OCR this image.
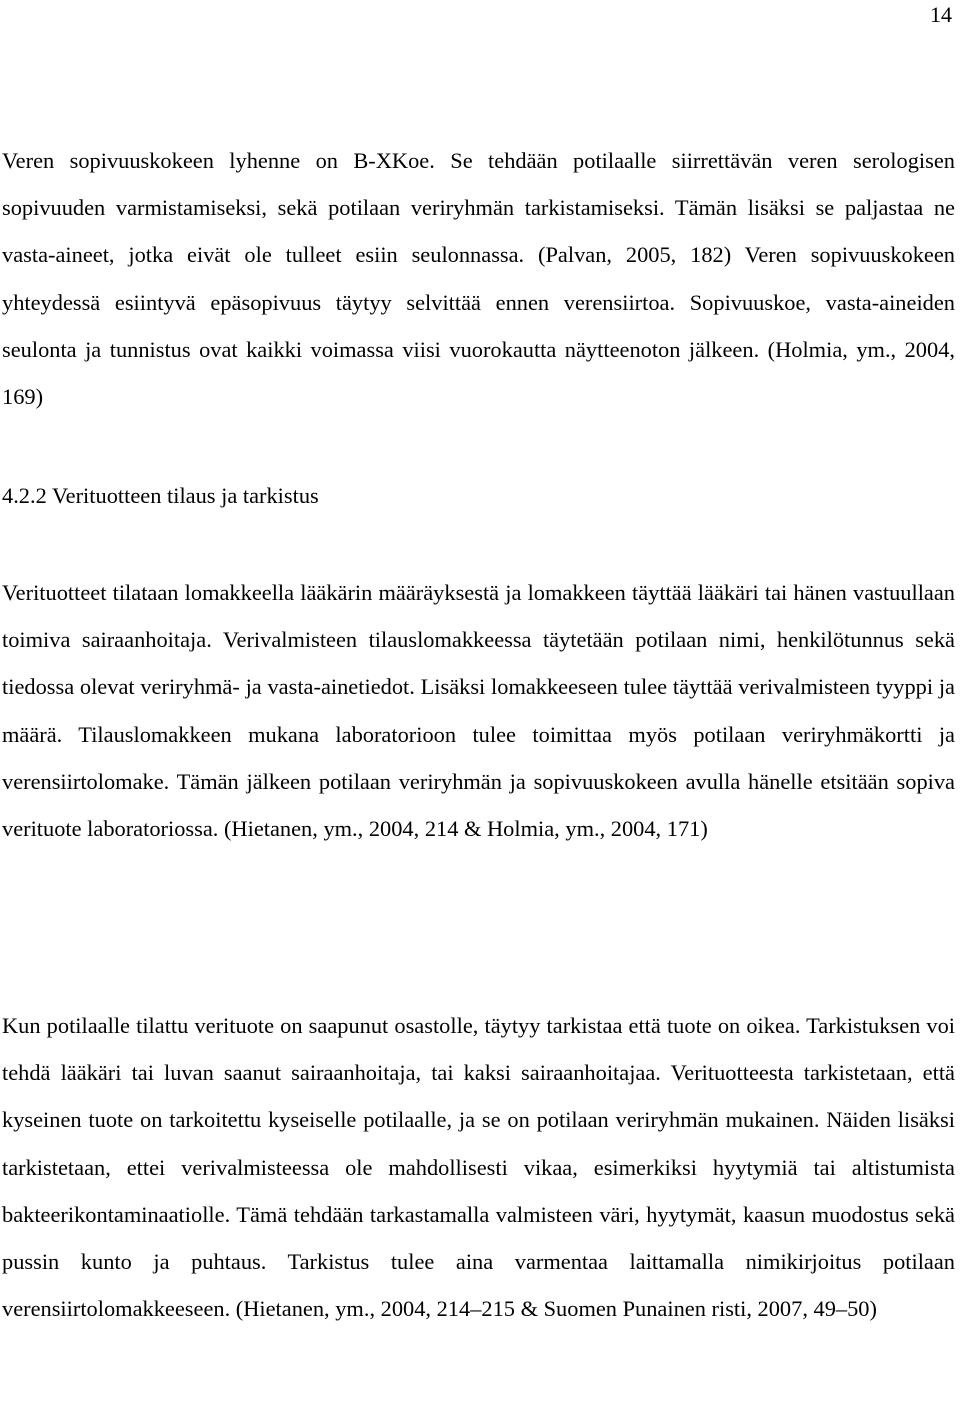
14

Veren sopivuuskokeen lyhenne on B-XKoe. Se tehdään potilaalle siirrettävän veren serologisen sopivuuden varmistamiseksi, sekä potilaan veriryhmän tarkistamiseksi. Tämän lisäksi se paljastaa ne vasta-aineet, jotka eivät ole tulleet esiin seulonnassa. (Palvan, 2005, 182) Veren sopivuuskokeen yhteydessä esiintyvä epäsopivuus täytyy selvittää ennen verensiirtoa. Sopivuuskoe, vasta-aineiden seulonta ja tunnistus ovat kaikki voimassa viisi vuorokautta näytteenoton jälkeen. (Holmia, ym., 2004, 169)

4.2.2 Verituotteen tilaus ja tarkistus

Verituotteet tilataan lomakkeella lääkärin määräyksestä ja lomakkeen täyttää lääkäri tai hänen vastuullaan toimiva sairaanhoitaja. Verivalmisteen tilauslomakkeessa täytetään potilaan nimi, henkilötunnus sekä tiedossa olevat veriryhmä- ja vasta-ainetiedot. Lisäksi lomakkeeseen tulee täyttää verivalmisteen tyyppi ja määrä. Tilauslomakkeen mukana laboratorioon tulee toimittaa myös potilaan veriryhmäkortti ja verensiirtolomake. Tämän jälkeen potilaan veriryhmän ja sopivuuskokeen avulla hänelle etsitään sopiva verituote laboratoriossa. (Hietanen, ym., 2004, 214 & Holmia, ym., 2004, 171)

Kun potilaalle tilattu verituote on saapunut osastolle, täytyy tarkistaa että tuote on oikea. Tarkistuksen voi tehdä lääkäri tai luvan saanut sairaanhoitaja, tai kaksi sairaanhoitajaa. Verituotteesta tarkistetaan, että kyseinen tuote on tarkoitettu kyseiselle potilaalle, ja se on potilaan veriryhmän mukainen. Näiden lisäksi tarkistetaan, ettei verivalmisteessa ole mahdollisesti vikaa, esimerkiksi hyytymiä tai altistumista bakteerikontaminaatiolle. Tämä tehdään tarkastamalla valmisteen väri, hyytymät, kaasun muodostus sekä pussin kunto ja puhtaus. Tarkistus tulee aina varmentaa laittamalla nimikirjoitus potilaan verensiirtolomakkeeseen. (Hietanen, ym., 2004, 214–215 & Suomen Punainen risti, 2007, 49–50)
